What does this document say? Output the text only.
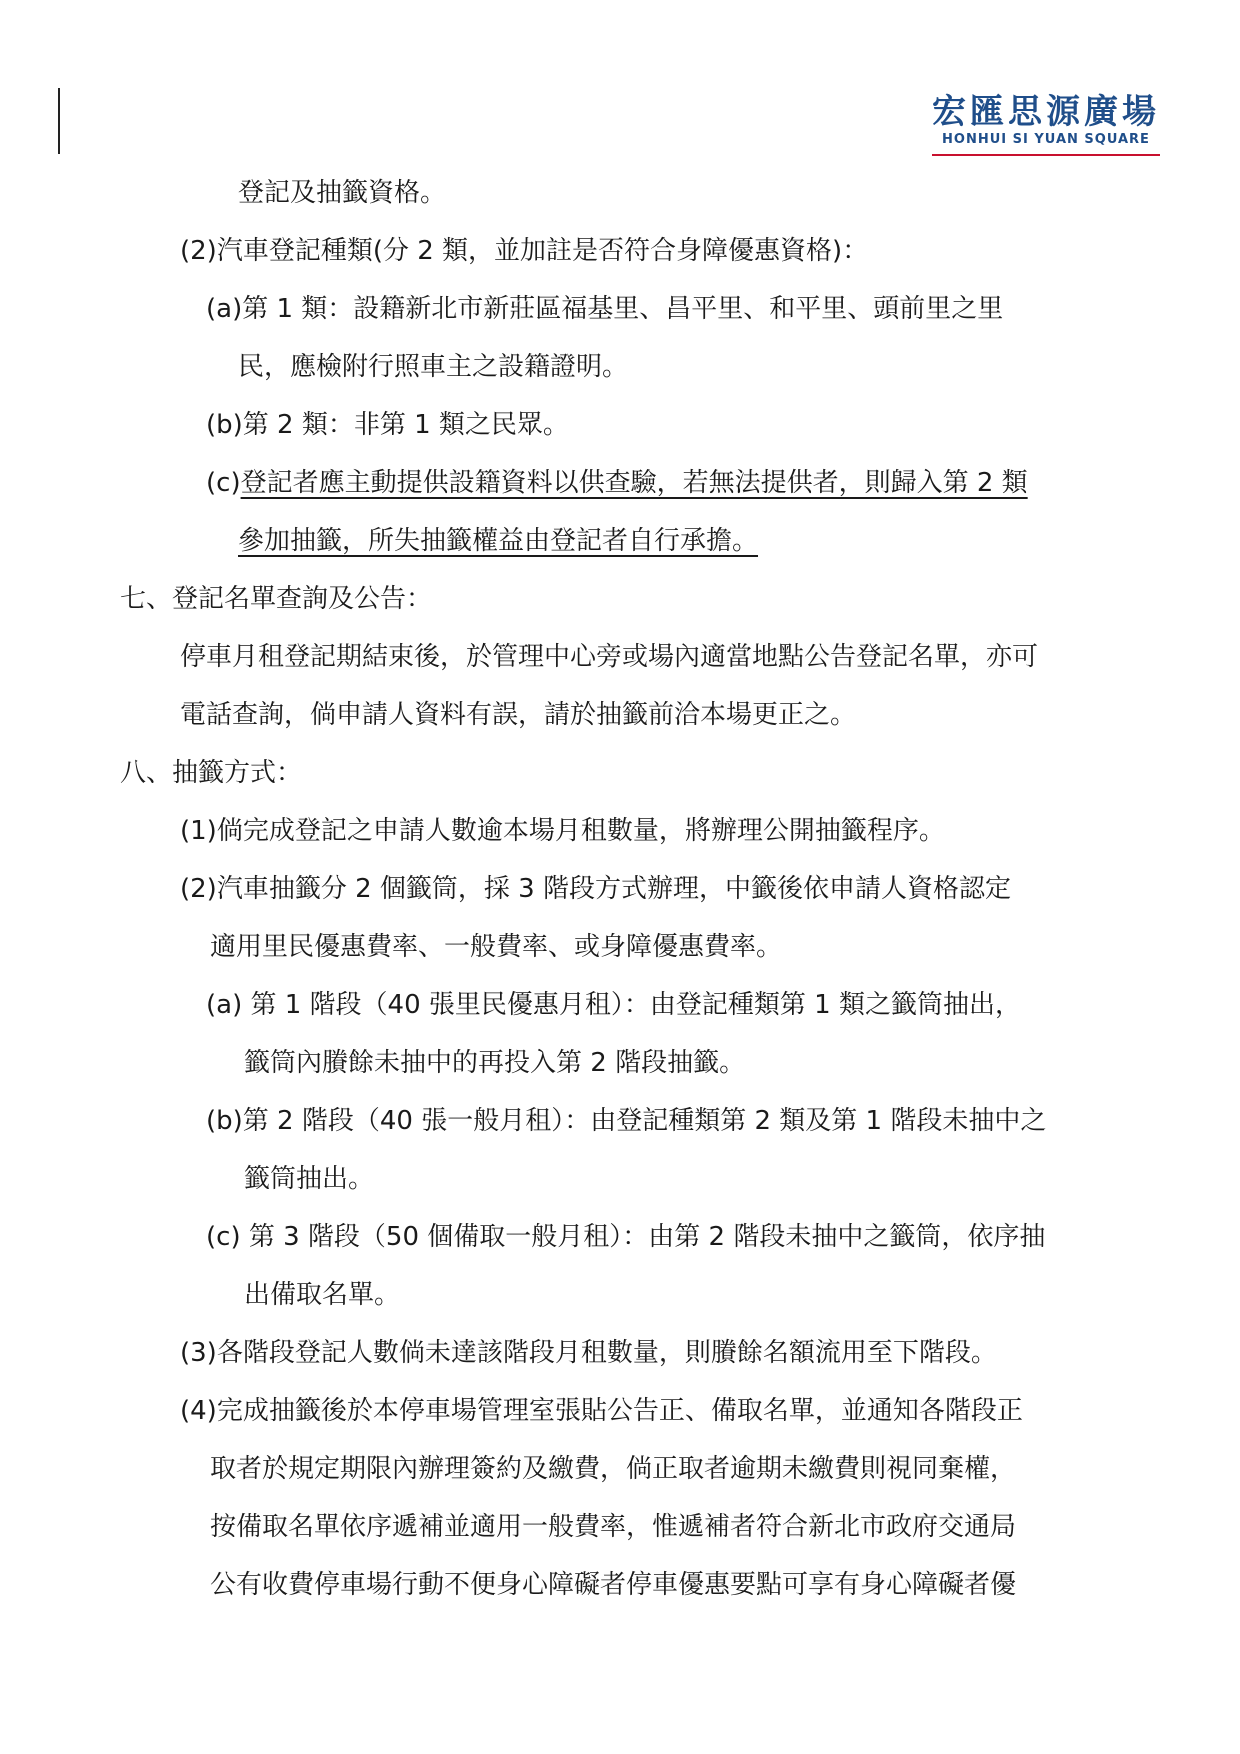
宏匯思源廣場
HONHUI SI YUAN SQUARE
登記及抽籤資格。
(2)汽車登記種類(分 2 類，並加註是否符合身障優惠資格)：
(a)第 1 類：設籍新北市新莊區福基里、昌平里、和平里、頭前里之里
民，應檢附行照車主之設籍證明。
(b)第 2 類：非第 1 類之民眾。
(c)登記者應主動提供設籍資料以供查驗，若無法提供者，則歸入第 2 類
參加抽籤，所失抽籤權益由登記者自行承擔。
七、登記名單查詢及公告：
停車月租登記期結束後，於管理中心旁或場內適當地點公告登記名單，亦可
電話查詢，倘申請人資料有誤，請於抽籤前洽本場更正之。
八、抽籤方式：
(1)倘完成登記之申請人數逾本場月租數量，將辦理公開抽籤程序。
(2)汽車抽籤分 2 個籤筒，採 3 階段方式辦理，中籤後依申請人資格認定
適用里民優惠費率、一般費率、或身障優惠費率。
(a) 第 1 階段（40 張里民優惠月租）：由登記種類第 1 類之籤筒抽出，
籤筒內賸餘未抽中的再投入第 2 階段抽籤。
(b)第 2 階段（40 張一般月租）：由登記種類第 2 類及第 1 階段未抽中之
籤筒抽出。
(c) 第 3 階段（50 個備取一般月租）：由第 2 階段未抽中之籤筒，依序抽
出備取名單。
(3)各階段登記人數倘未達該階段月租數量，則賸餘名額流用至下階段。
(4)完成抽籤後於本停車場管理室張貼公告正、備取名單，並通知各階段正
取者於規定期限內辦理簽約及繳費，倘正取者逾期未繳費則視同棄權，
按備取名單依序遞補並適用一般費率，惟遞補者符合新北市政府交通局
公有收費停車場行動不便身心障礙者停車優惠要點可享有身心障礙者優
